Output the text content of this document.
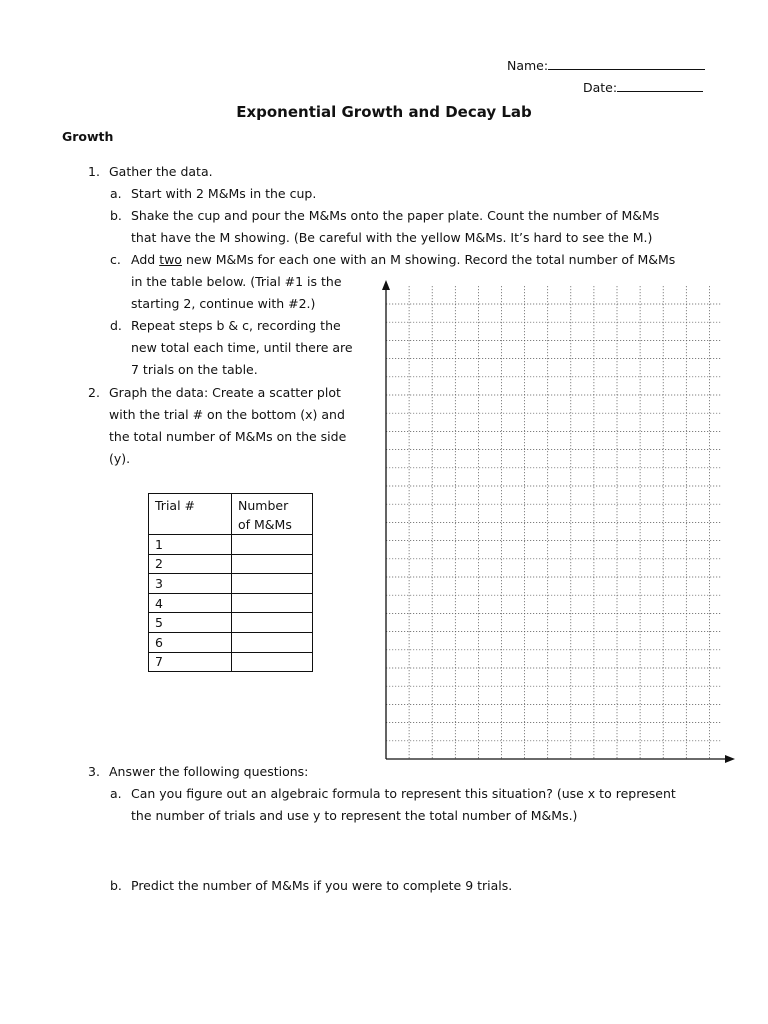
Name:
Date:
Exponential Growth and Decay Lab
Growth
1. Gather the data.
a. Start with 2 M&Ms in the cup.
b. Shake the cup and pour the M&Ms onto the paper plate. Count the number of M&Ms
that have the M showing. (Be careful with the yellow M&Ms. It’s hard to see the M.)
c. Add two new M&Ms for each one with an M showing. Record the total number of M&Ms
in the table below. (Trial #1 is the
starting 2, continue with #2.)
d. Repeat steps b & c, recording the
new total each time, until there are
7 trials on the table.
2. Graph the data: Create a scatter plot
with the trial # on the bottom (x) and
the total number of M&Ms on the side
(y).
Trial #	Number
of M&Ms
1	
2	
3	
4	
5	
6	
7	
3. Answer the following questions:
a. Can you figure out an algebraic formula to represent this situation? (use x to represent
the number of trials and use y to represent the total number of M&Ms.)
b. Predict the number of M&Ms if you were to complete 9 trials.
